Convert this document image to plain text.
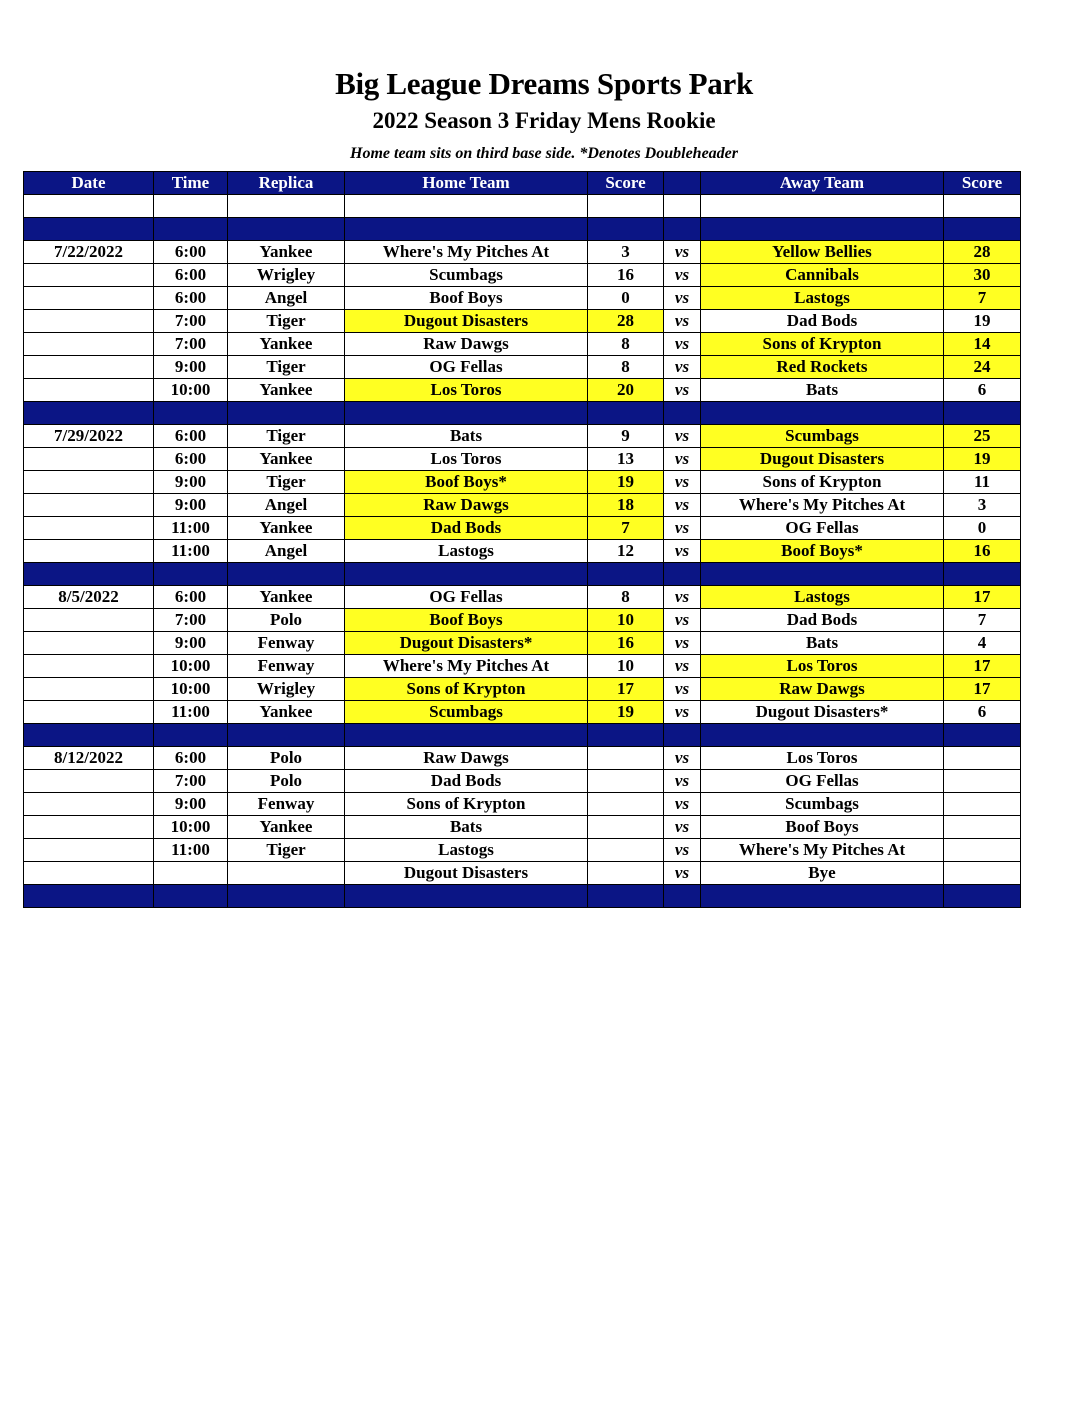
Big League Dreams Sports Park
2022 Season 3 Friday Mens Rookie
Home team sits on third base side. *Denotes Doubleheader
Date	Time	Replica	Home Team	Score		Away Team	Score

7/22/2022	6:00	Yankee	Where's My Pitches At	3	vs	Yellow Bellies	28
	6:00	Wrigley	Scumbags	16	vs	Cannibals	30
	6:00	Angel	Boof Boys	0	vs	Lastogs	7
	7:00	Tiger	Dugout Disasters	28	vs	Dad Bods	19
	7:00	Yankee	Raw Dawgs	8	vs	Sons of Krypton	14
	9:00	Tiger	OG Fellas	8	vs	Red Rockets	24
	10:00	Yankee	Los Toros	20	vs	Bats	6

7/29/2022	6:00	Tiger	Bats	9	vs	Scumbags	25
	6:00	Yankee	Los Toros	13	vs	Dugout Disasters	19
	9:00	Tiger	Boof Boys*	19	vs	Sons of Krypton	11
	9:00	Angel	Raw Dawgs	18	vs	Where's My Pitches At	3
	11:00	Yankee	Dad Bods	7	vs	OG Fellas	0
	11:00	Angel	Lastogs	12	vs	Boof Boys*	16

8/5/2022	6:00	Yankee	OG Fellas	8	vs	Lastogs	17
	7:00	Polo	Boof Boys	10	vs	Dad Bods	7
	9:00	Fenway	Dugout Disasters*	16	vs	Bats	4
	10:00	Fenway	Where's My Pitches At	10	vs	Los Toros	17
	10:00	Wrigley	Sons of Krypton	17	vs	Raw Dawgs	17
	11:00	Yankee	Scumbags	19	vs	Dugout Disasters*	6

8/12/2022	6:00	Polo	Raw Dawgs		vs	Los Toros	
	7:00	Polo	Dad Bods		vs	OG Fellas	
	9:00	Fenway	Sons of Krypton		vs	Scumbags	
	10:00	Yankee	Bats		vs	Boof Boys	
	11:00	Tiger	Lastogs		vs	Where's My Pitches At	
			Dugout Disasters		vs	Bye	
